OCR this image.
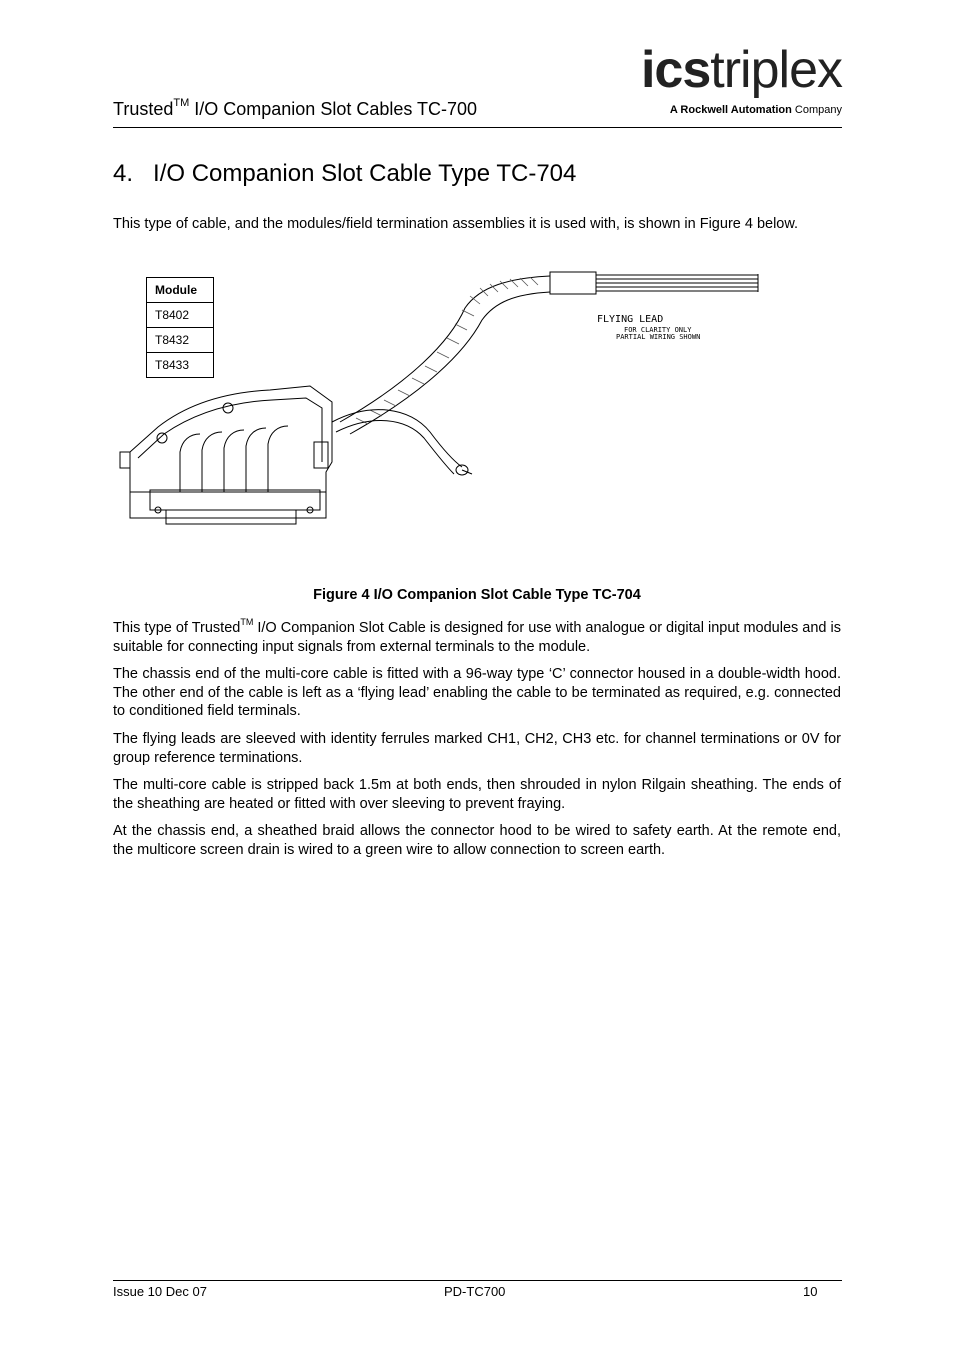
Trusted™ I/O Companion Slot Cables TC-700
icstriplex
A Rockwell Automation Company
4.   I/O Companion Slot Cable Type TC-704
This type of cable, and the modules/field termination assemblies it is used with, is shown in Figure 4 below.
FLYING LEAD
FOR CLARITY ONLY
PARTIAL WIRING SHOWN
Module
T8402
T8432
T8433
Figure 4 I/O Companion Slot Cable Type TC-704
This type of Trusted™ I/O Companion Slot Cable is designed for use with analogue or digital input modules and is suitable for connecting input signals from external terminals to the module.
The chassis end of the multi-core cable is fitted with a 96-way type ‘C’ connector housed in a double-width hood. The other end of the cable is left as a ‘flying lead’ enabling the cable to be terminated as required, e.g. connected to conditioned field terminals.
The flying leads are sleeved with identity ferrules marked CH1, CH2, CH3 etc. for channel terminations or 0V for group reference terminations.
The multi-core cable is stripped back 1.5m at both ends, then shrouded in nylon Rilgain sheathing. The ends of the sheathing are heated or fitted with over sleeving to prevent fraying.
At the chassis end, a sheathed braid allows the connector hood to be wired to safety earth. At the remote end, the multicore screen drain is wired to a green wire to allow connection to screen earth.
Issue 10 Dec 07	PD-TC700	10
